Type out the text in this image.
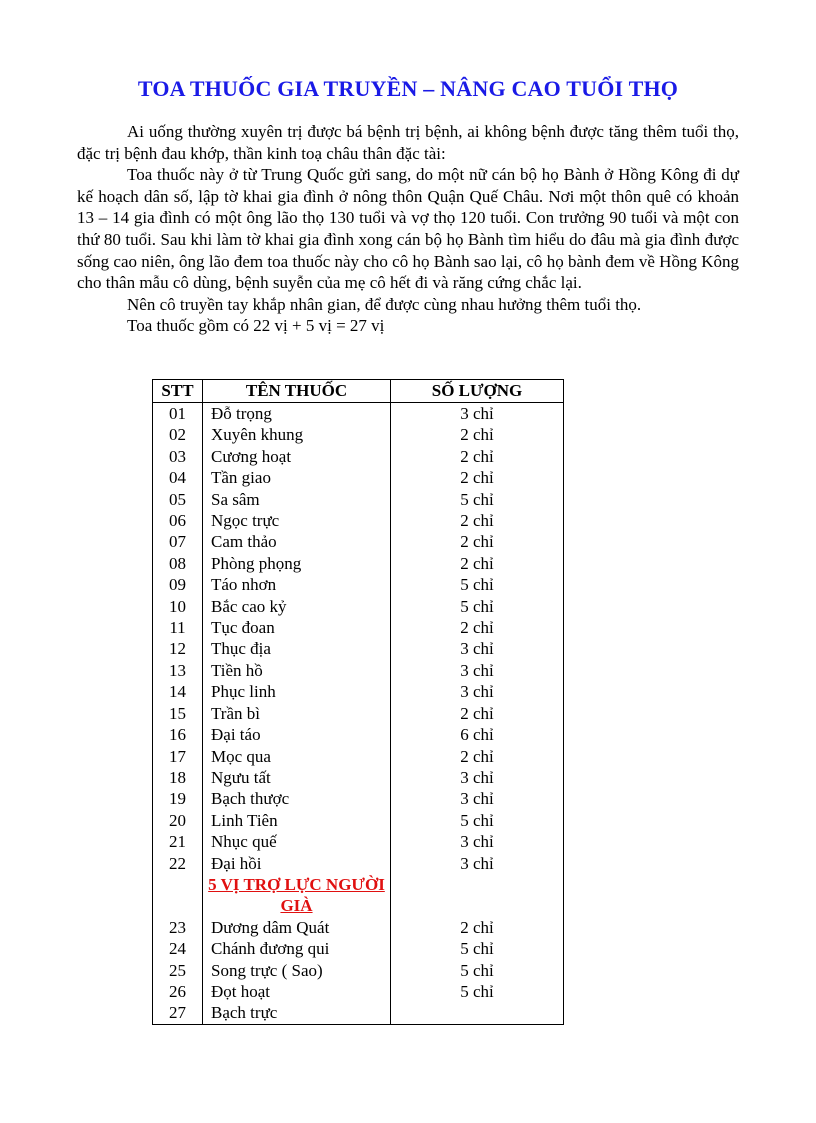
TOA THUỐC GIA TRUYỀN – NÂNG CAO TUỔI THỌ

Ai uống thường xuyên trị được bá bệnh trị bệnh, ai không bệnh được tăng thêm tuổi thọ, đặc trị bệnh đau khớp, thần kinh toạ châu thân đặc tài:

Toa thuốc này ở từ Trung Quốc gửi sang, do một nữ cán bộ họ Bành ở Hồng Kông đi dự kế hoạch dân số, lập tờ khai gia đình ở nông thôn Quận Quế Châu. Nơi một thôn quê có khoản 13 – 14 gia đình có một ông lão thọ 130 tuổi và vợ thọ 120 tuổi. Con trưởng 90 tuổi và một con thứ 80 tuổi. Sau khi làm tờ khai gia đình xong cán bộ họ Bành tìm hiểu do đâu mà gia đình được sống cao niên, ông lão đem toa thuốc này cho cô họ Bành sao lại, cô họ bành đem về Hồng Kông cho thân mẫu cô dùng, bệnh suyễn của mẹ cô hết đi và răng cứng chắc lại.

Nên cô truyền tay khắp nhân gian, để được cùng nhau hưởng thêm tuổi thọ.

Toa thuốc gồm có 22 vị + 5 vị = 27 vị

STT	TÊN THUỐC	SỐ LƯỢNG
01	Đỗ trọng	3 chỉ
02	Xuyên khung	2 chỉ
03	Cương hoạt	2 chỉ
04	Tần giao	2 chỉ
05	Sa sâm	5 chỉ
06	Ngọc trực	2 chỉ
07	Cam thảo	2 chỉ
08	Phòng phọng	2 chỉ
09	Táo nhơn	5 chỉ
10	Bắc cao kỷ	5 chỉ
11	Tục đoan	2 chỉ
12	Thục địa	3 chỉ
13	Tiền hồ	3 chỉ
14	Phục linh	3 chỉ
15	Trần bì	2 chỉ
16	Đại táo	6 chỉ
17	Mọc qua	2 chỉ
18	Ngưu tất	3 chỉ
19	Bạch thược	3 chỉ
20	Linh Tiên	5 chỉ
21	Nhục quế	3 chỉ
22	Đại hồi	3 chỉ
	5 VỊ TRỢ LỰC NGƯỜI GIÀ	
23	Dương dâm Quát	2 chỉ
24	Chánh đương qui	5 chỉ
25	Song trực ( Sao)	5 chỉ
26	Đọt hoạt	5 chỉ
27	Bạch trực	
